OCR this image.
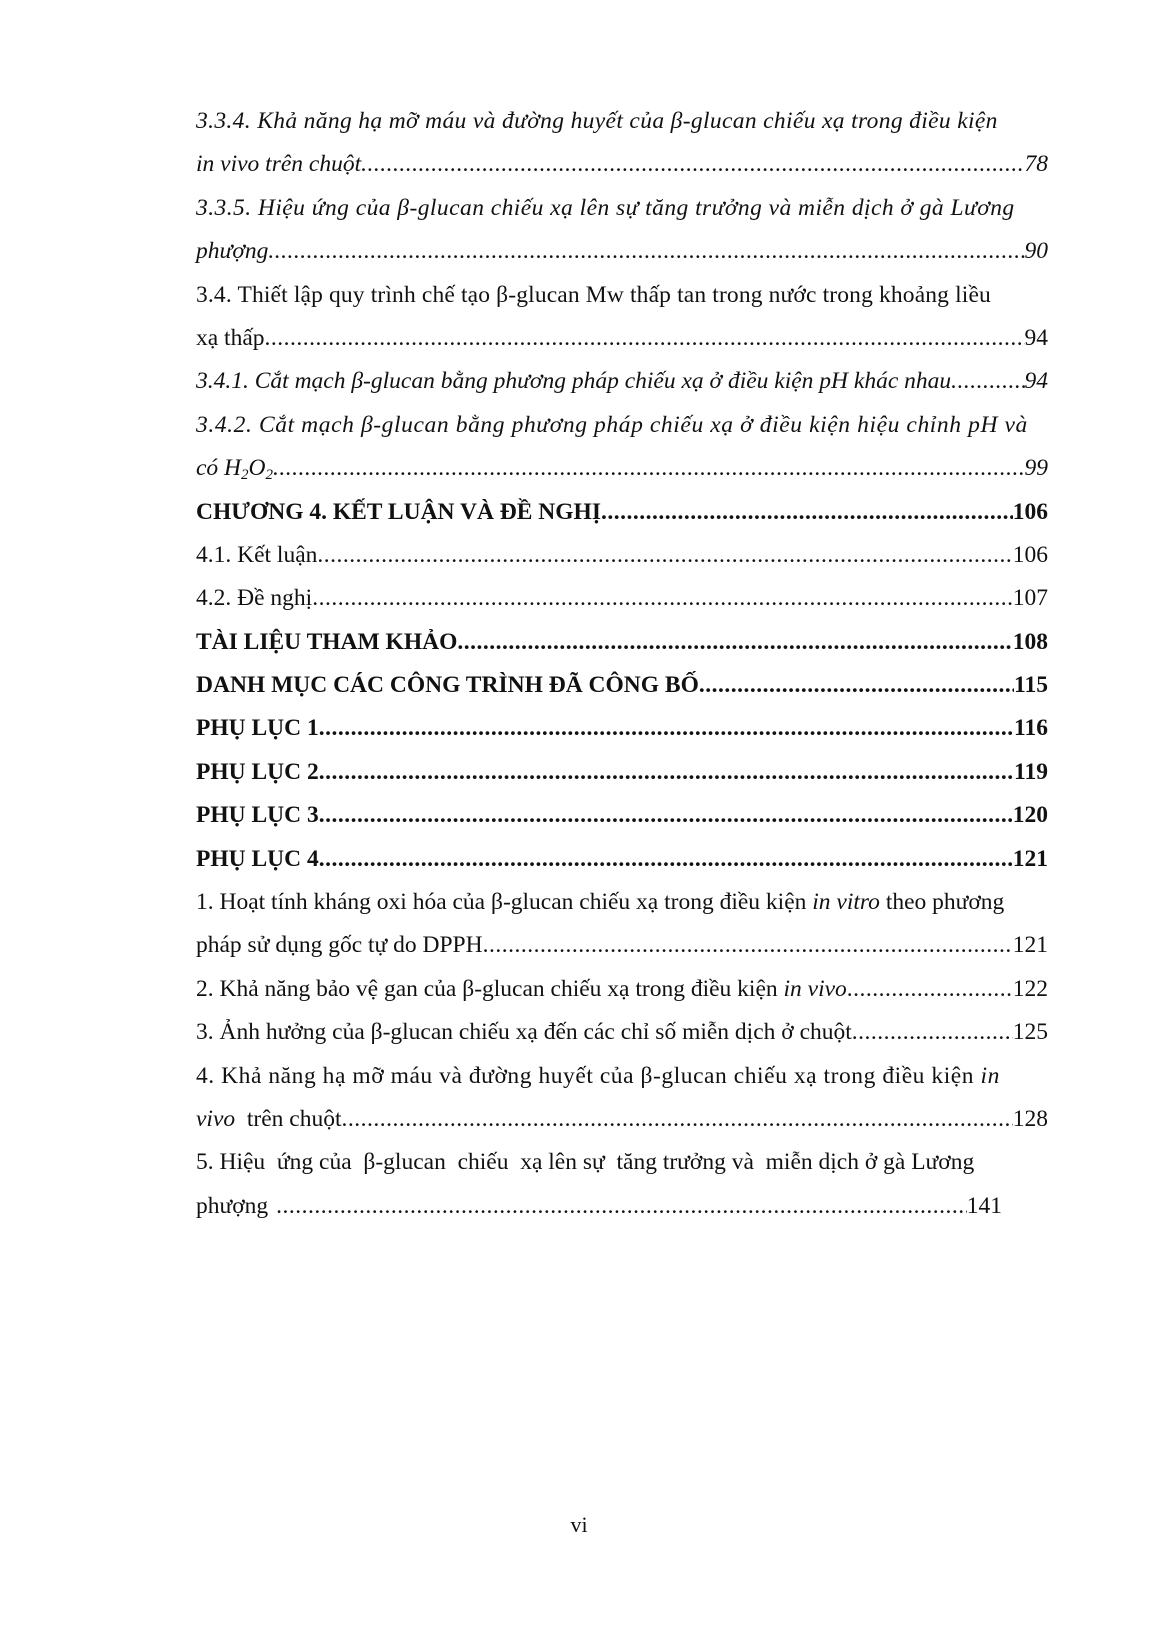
3.3.4. Khả năng hạ mỡ máu và đường huyết của β-glucan chiếu xạ trong điều kiện
in vivo trên chuột .....	78
3.3.5. Hiệu ứng của β-glucan chiếu xạ lên sự tăng trưởng và miễn dịch ở gà Lương
phượng .....	90
3.4. Thiết lập quy trình chế tạo β-glucan Mw thấp tan trong nước trong khoảng liều
xạ thấp .....	94
3.4.1. Cắt mạch β-glucan bằng phương pháp chiếu xạ ở điều kiện pH khác nhau .....	94
3.4.2. Cắt mạch β-glucan bằng phương pháp chiếu xạ ở điều kiện hiệu chỉnh pH và
có $H_2O_2$ .....	99
CHƯƠNG 4. KẾT LUẬN VÀ ĐỀ NGHỊ .....	106
4.1. Kết luận .....	106
4.2. Đề nghị .....	107
TÀI LIỆU THAM KHẢO .....	108
DANH MỤC CÁC CÔNG TRÌNH ĐÃ CÔNG BỐ .....	115
PHỤ LỤC 1 .....	116
PHỤ LỤC 2 .....	119
PHỤ LỤC 3 .....	120
PHỤ LỤC 4 .....	121
1. Hoạt tính kháng oxi hóa của β-glucan chiếu xạ trong điều kiện in vitro theo phương
pháp sử dụng gốc tự do DPPH .....	121
2. Khả năng bảo vệ gan của β-glucan chiếu xạ trong điều kiện in vivo .....	122
3. Ảnh hưởng của β-glucan chiếu xạ đến các chỉ số miễn dịch ở chuột .....	125
4. Khả năng hạ mỡ máu và đường huyết của β-glucan chiếu xạ trong điều kiện in
vivo  trên chuột .....	128
5. Hiệu  ứng của  β-glucan  chiếu  xạ lên sự  tăng trưởng và  miễn dịch ở gà Lương
phượng .....	141
vi
